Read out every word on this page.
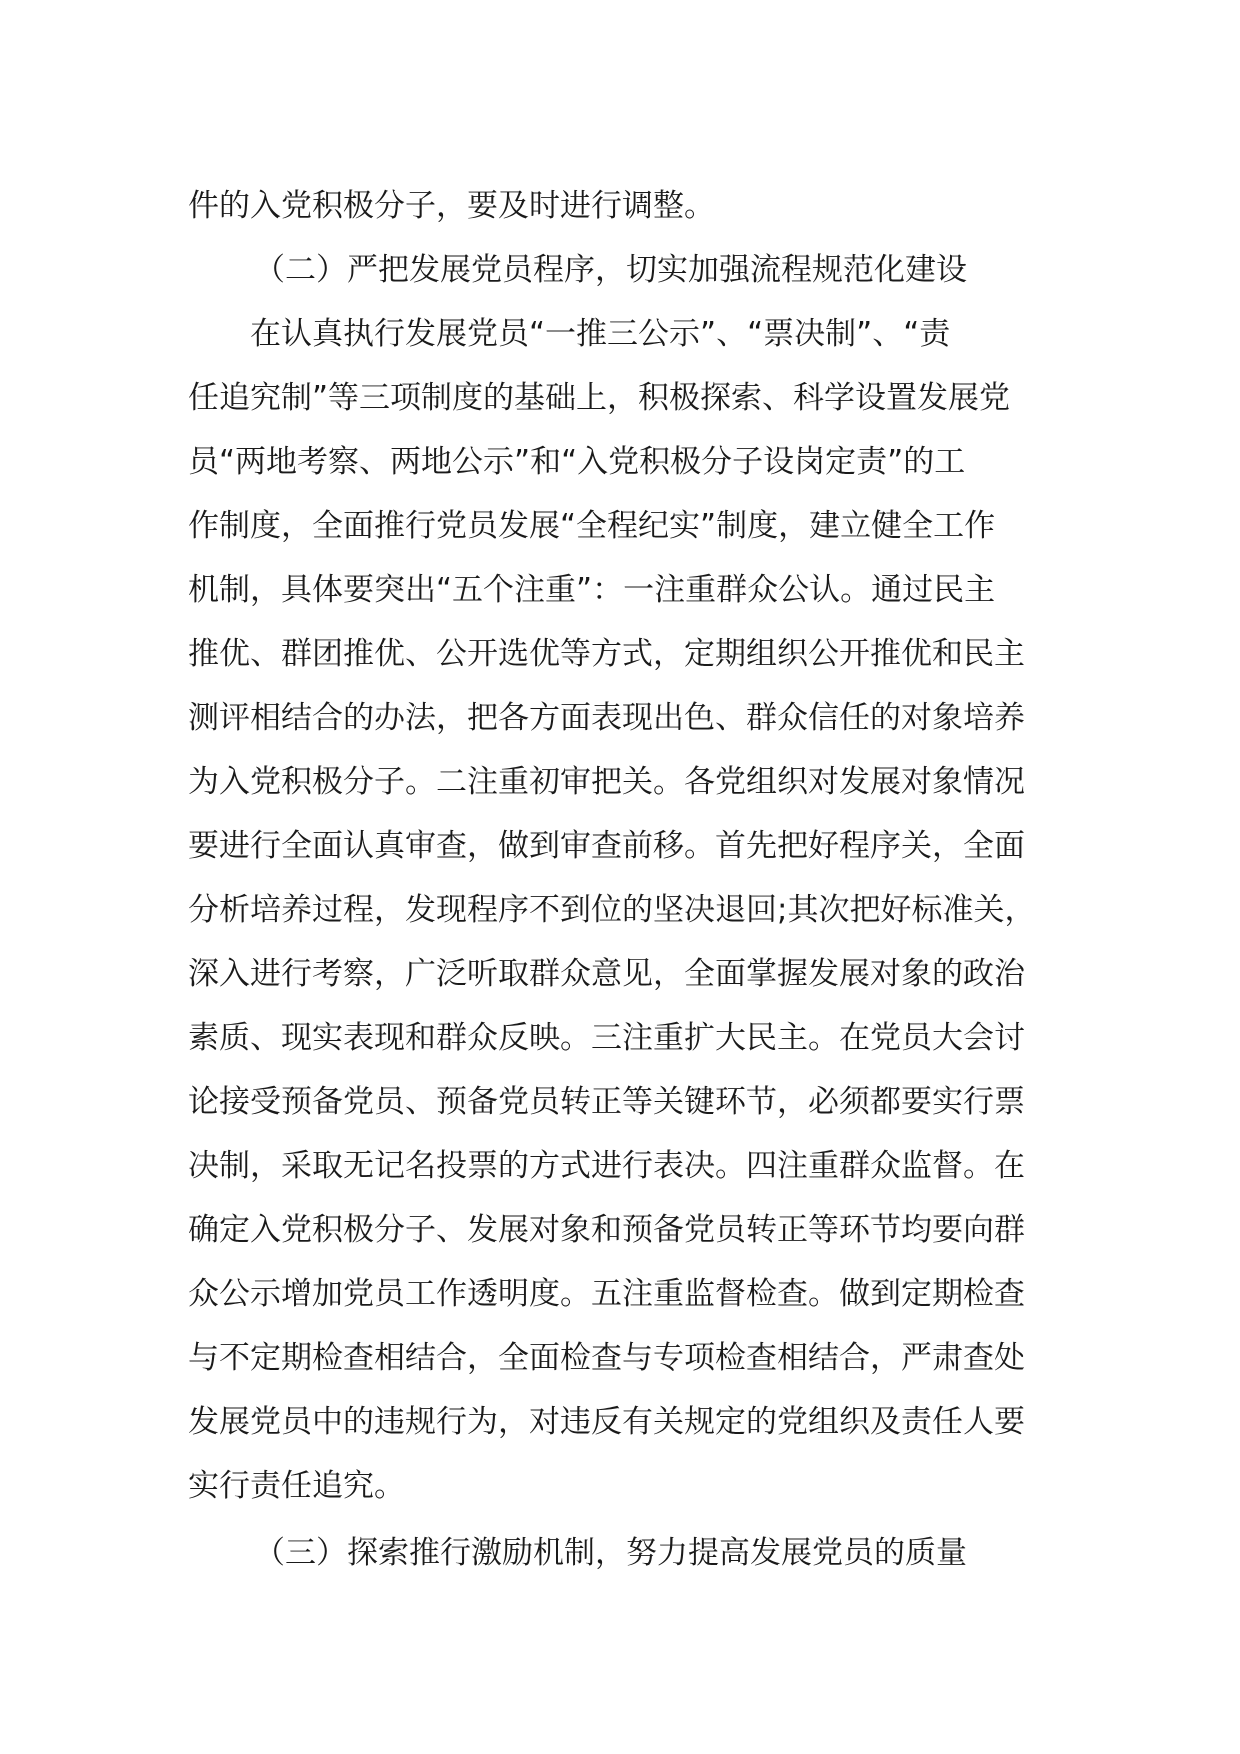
件的入党积极分子，要及时进行调整。
（二）严把发展党员程序，切实加强流程规范化建设
在认真执行发展党员“一推三公示”、“票决制”、“责
任追究制”等三项制度的基础上，积极探索、科学设置发展党
员“两地考察、两地公示”和“入党积极分子设岗定责”的工
作制度，全面推行党员发展“全程纪实”制度，建立健全工作
机制，具体要突出“五个注重”：一注重群众公认。通过民主
推优、群团推优、公开选优等方式，定期组织公开推优和民主
测评相结合的办法，把各方面表现出色、群众信任的对象培养
为入党积极分子。二注重初审把关。各党组织对发展对象情况
要进行全面认真审查，做到审查前移。首先把好程序关，全面
分析培养过程，发现程序不到位的坚决退回;其次把好标准关，
深入进行考察，广泛听取群众意见，全面掌握发展对象的政治
素质、现实表现和群众反映。三注重扩大民主。在党员大会讨
论接受预备党员、预备党员转正等关键环节，必须都要实行票
决制，采取无记名投票的方式进行表决。四注重群众监督。在
确定入党积极分子、发展对象和预备党员转正等环节均要向群
众公示增加党员工作透明度。五注重监督检查。做到定期检查
与不定期检查相结合，全面检查与专项检查相结合，严肃查处
发展党员中的违规行为，对违反有关规定的党组织及责任人要
实行责任追究。
（三）探索推行激励机制，努力提高发展党员的质量
